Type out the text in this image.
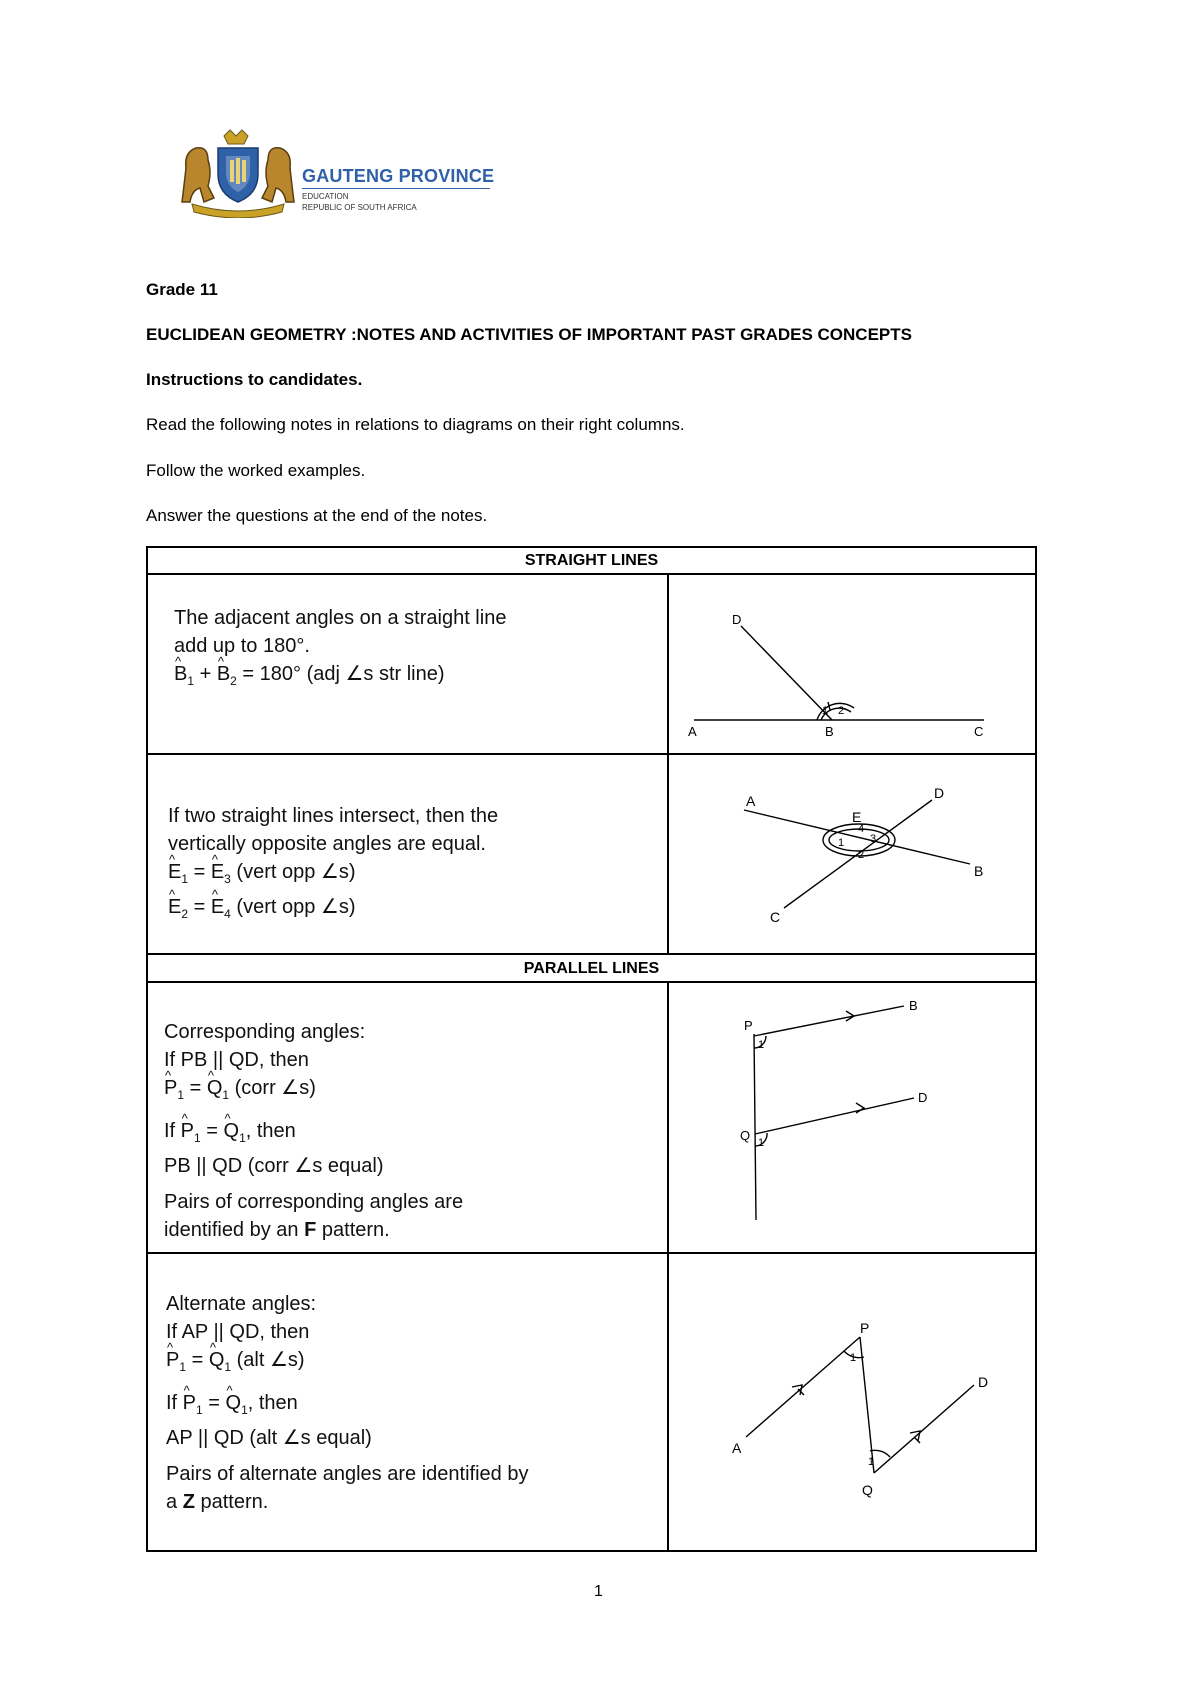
GAUTENG PROVINCE
EDUCATION
REPUBLIC OF SOUTH AFRICA
Grade 11
EUCLIDEAN GEOMETRY :NOTES AND ACTIVITIES OF IMPORTANT PAST GRADES CONCEPTS
Instructions to candidates.
Read the following notes in relations to diagrams on their right columns.
Follow the worked examples.
Answer the questions at the end of the notes.
STRAIGHT LINES
PARALLEL LINES
The adjacent angles on a straight line
add up to 180°.
^ $B_1$ + ^ $B_2 = 180^\circ$ (adj ∠s str line)
D
A	B	C
1 2
If two straight lines intersect, then the
vertically opposite angles are equal.
^ $E_1$ = ^ $E_3$ (vert opp ∠s)
^ $E_2$ = ^ $E_4$ (vert opp ∠s)
A
B
C
D
E
1
2
3
4
Corresponding angles:
If PB || QD, then
^ $P_1$ = ^ $Q_1$ (corr ∠s)
If ^ $P_1$ = ^ $Q_1$, then
PB || QD (corr ∠s equal)
Pairs of corresponding angles are
identified by an F pattern.
P
B
Q
D
1
1
Alternate angles:
If AP || QD, then
^ $P_1$ = ^ $Q_1$ (alt ∠s)
If ^ $P_1$ = ^ $Q_1$, then
AP || QD (alt ∠s equal)
Pairs of alternate angles are identified by
a Z pattern.
P
A
Q
D
1
1
1
